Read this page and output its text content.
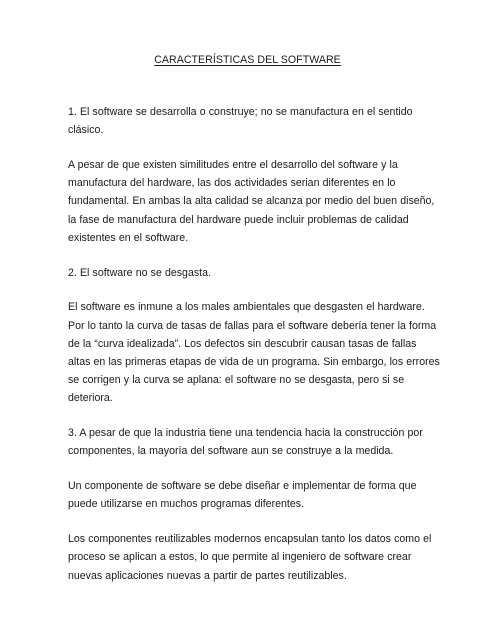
CARACTERÍSTICAS DEL SOFTWARE

1. El software se desarrolla o construye; no se manufactura en el sentido clásico.

A pesar de que existen similitudes entre el desarrollo del software y la manufactura del hardware, las dos actividades serian diferentes en lo fundamental. En ambas la alta calidad se alcanza por medio del buen diseño, la fase de manufactura del hardware puede incluir problemas de calidad existentes en el software.

2. El software no se desgasta.

El software es inmune a los males ambientales que desgasten el hardware. Por lo tanto la curva de tasas de fallas para el software debería tener la forma de la “curva idealizada”. Los defectos sin descubrir causan tasas de fallas altas en las primeras etapas de vida de un programa. Sin embargo, los errores se corrigen y la curva se aplana: el software no se desgasta, pero si se deteriora.

3. A pesar de que la industria tiene una tendencia hacia la construcción por componentes, la mayoría del software aun se construye a la medida.

Un componente de software se debe diseñar e implementar de forma que puede utilizarse en muchos programas diferentes.

Los componentes reutilizables modernos encapsulan tanto los datos como el proceso se aplican a estos, lo que permite al ingeniero de software crear nuevas aplicaciones nuevas a partir de partes reutilizables.
